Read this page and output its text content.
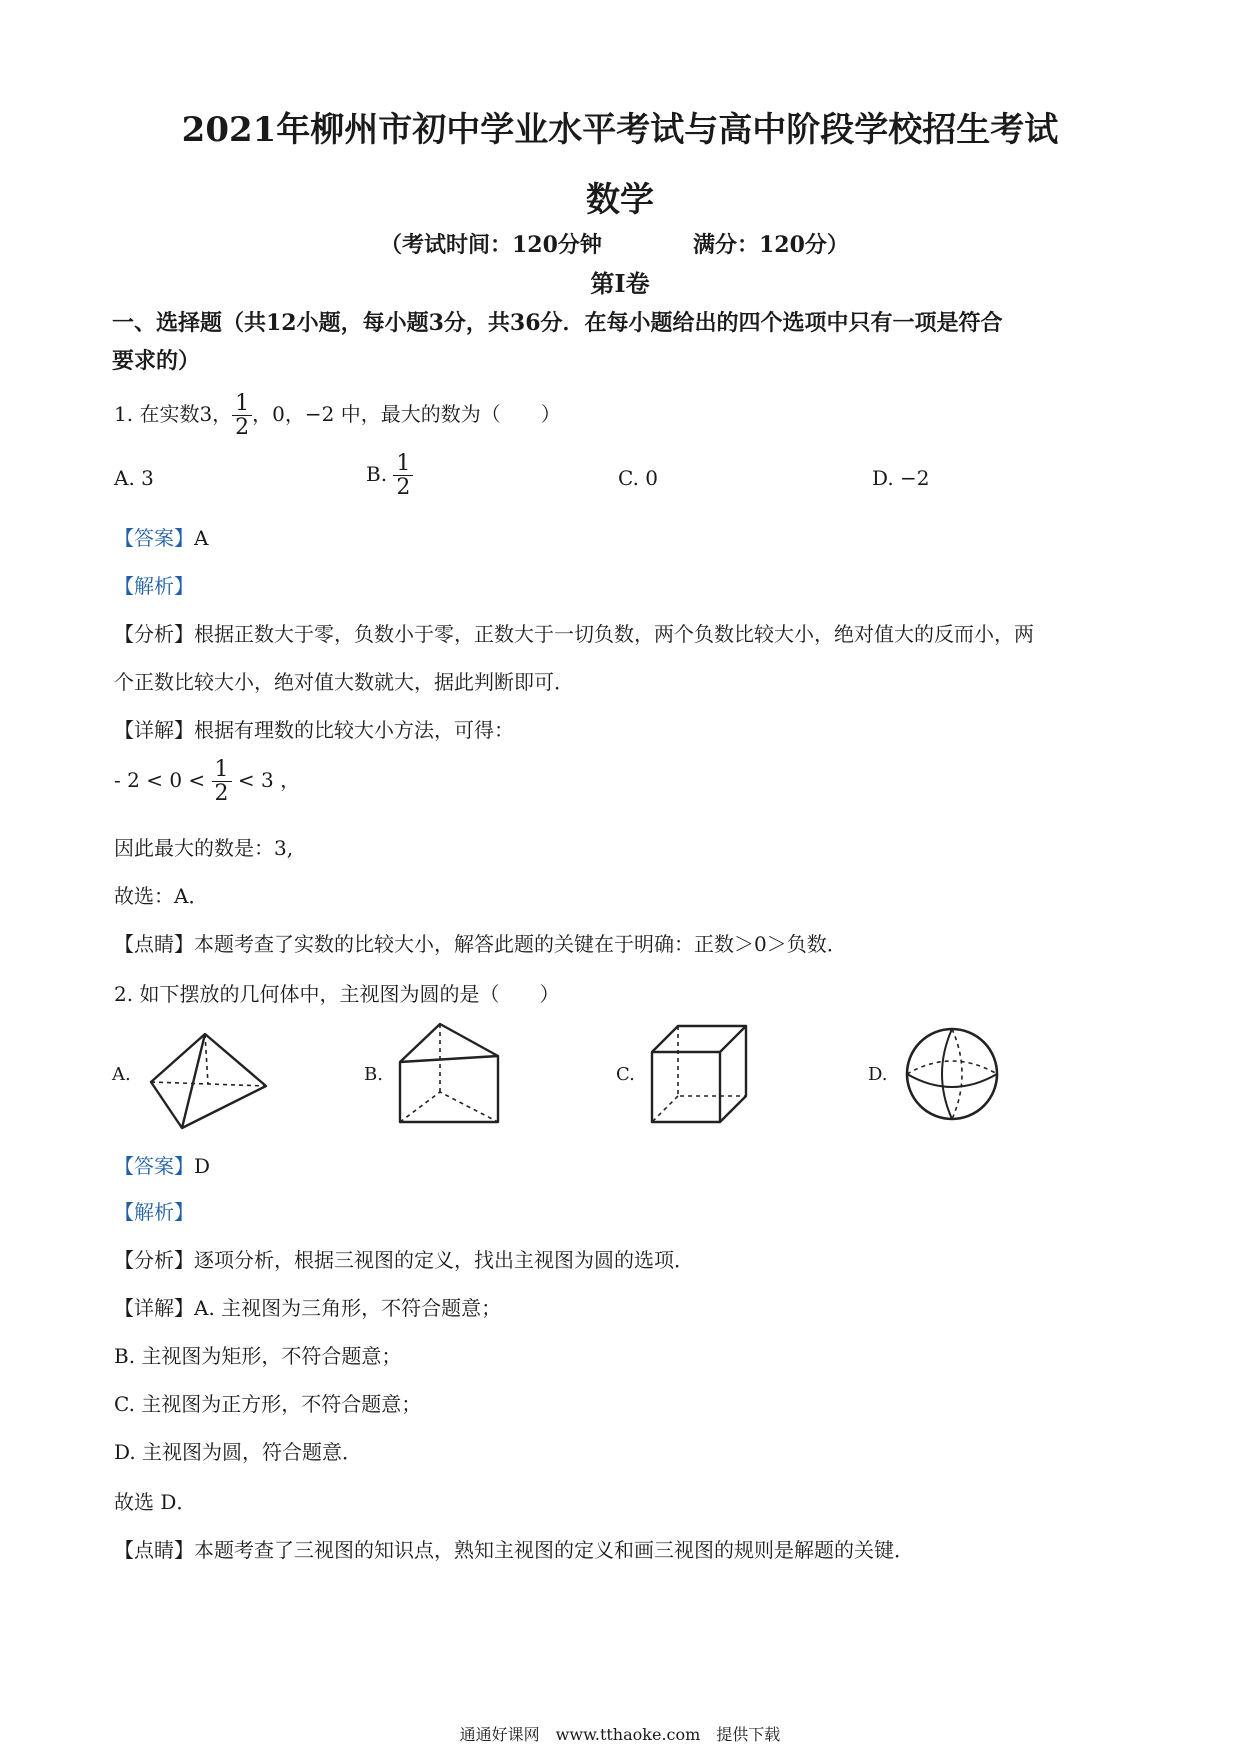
2021年柳州市初中学业水平考试与高中阶段学校招生考试
数学
（考试时间：120分钟	满分：120分）
第Ⅰ卷
一、选择题（共12小题，每小题3分，共36分．在每小题给出的四个选项中只有一项是符合
要求的）
1. 在实数3， $\frac{1}{2}$ ，0，−2 中，最大的数为（　　）
A. 3	B. $\frac{1}{2}$	C. 0	D. −2
【答案】A
【解析】
【分析】根据正数大于零，负数小于零，正数大于一切负数，两个负数比较大小，绝对值大的反而小，两
个正数比较大小，绝对值大数就大，据此判断即可．
【详解】根据有理数的比较大小方法，可得：
- $2 < 0 < \frac{1}{2} < 3$ ，
因此最大的数是：3,
故选：A．
【点睛】本题考查了实数的比较大小，解答此题的关键在于明确：正数＞0＞负数．
2. 如下摆放的几何体中，主视图为圆的是（　　）
A.	B.	C.	D.
【答案】D
【解析】
【分析】逐项分析，根据三视图的定义，找出主视图为圆的选项．
【详解】A. 主视图为三角形，不符合题意；
B. 主视图为矩形，不符合题意；
C. 主视图为正方形，不符合题意；
D. 主视图为圆，符合题意．
故选 D．
【点睛】本题考查了三视图的知识点，熟知主视图的定义和画三视图的规则是解题的关键．
通通好课网　www.tthaoke.com　提供下载
